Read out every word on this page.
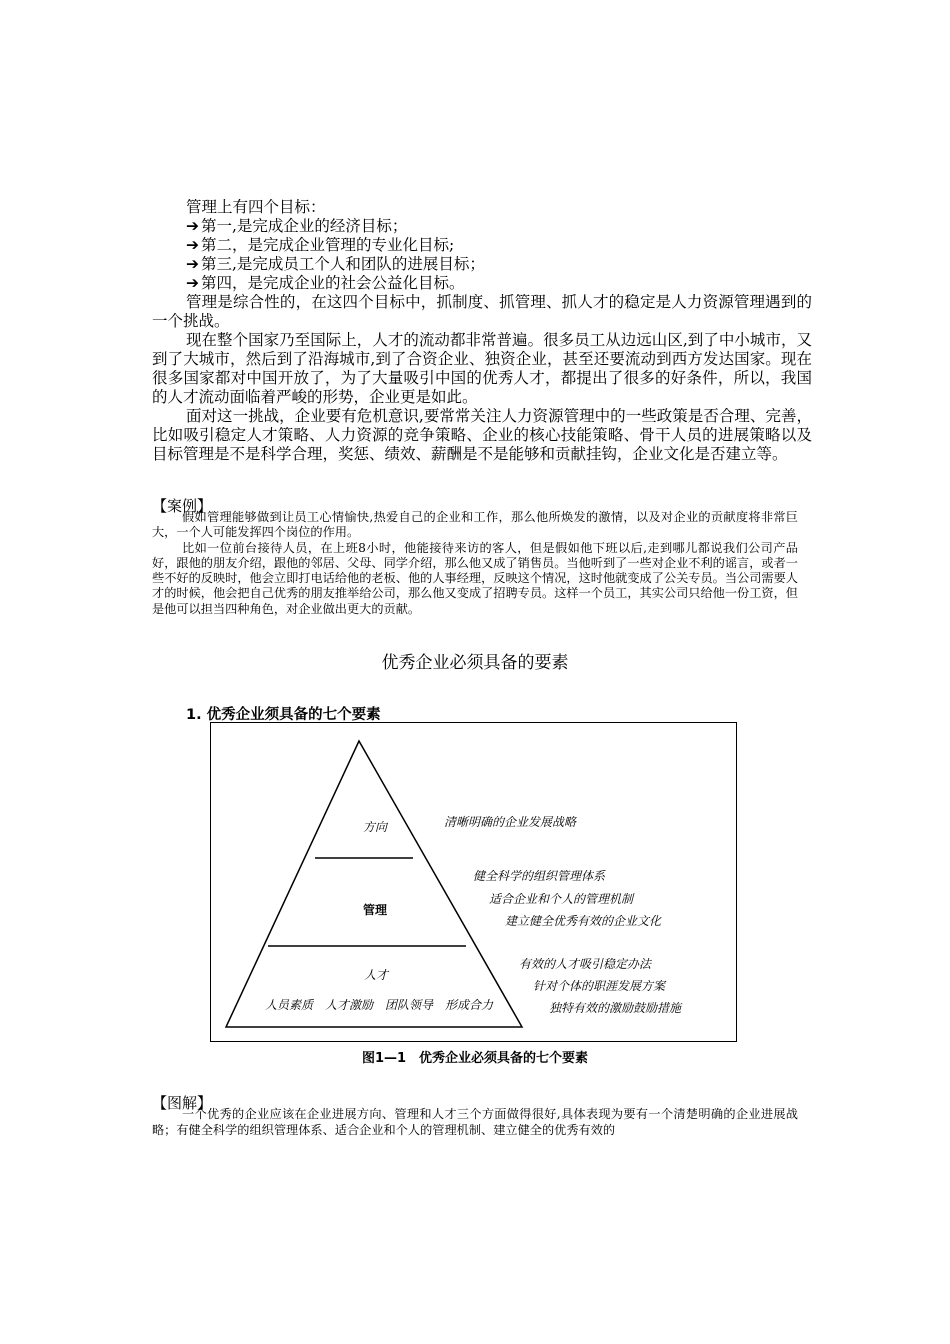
管理上有四个目标：
➔ 第一,是完成企业的经济目标；
➔ 第二，是完成企业管理的专业化目标;
➔ 第三,是完成员工个人和团队的进展目标；
➔ 第四，是完成企业的社会公益化目标。
管理是综合性的，在这四个目标中，抓制度、抓管理、抓人才的稳定是人力资源管理遇到的一个挑战。
现在整个国家乃至国际上，人才的流动都非常普遍。很多员工从边远山区,到了中小城市，又到了大城市，然后到了沿海城市,到了合资企业、独资企业，甚至还要流动到西方发达国家。现在很多国家都对中国开放了，为了大量吸引中国的优秀人才，都提出了很多的好条件，所以，我国的人才流动面临着严峻的形势，企业更是如此。
面对这一挑战，企业要有危机意识,要常常关注人力资源管理中的一些政策是否合理、完善，比如吸引稳定人才策略、人力资源的竞争策略、企业的核心技能策略、骨干人员的进展策略以及目标管理是不是科学合理，奖惩、绩效、薪酬是不是能够和贡献挂钩，企业文化是否建立等。
【案例】

假如管理能够做到让员工心情愉快,热爱自己的企业和工作，那么他所焕发的激情，以及对企业的贡献度将非常巨大，一个人可能发挥四个岗位的作用。

比如一位前台接待人员，在上班8小时，他能接待来访的客人，但是假如他下班以后,走到哪儿都说我们公司产品好，跟他的朋友介绍，跟他的邻居、父母、同学介绍，那么他又成了销售员。当他听到了一些对企业不利的谣言，或者一些不好的反映时，他会立即打电话给他的老板、他的人事经理，反映这个情况，这时他就变成了公关专员。当公司需要人才的时候，他会把自己优秀的朋友推举给公司，那么他又变成了招聘专员。这样一个员工，其实公司只给他一份工资，但是他可以担当四种角色，对企业做出更大的贡献。

优秀企业必须具备的要素
1. 优秀企业须具备的七个要素
方向
管理
人才
人员素质 人才激励 团队领导 形成合力
清晰明确的企业发展战略
健全科学的组织管理体系
适合企业和个人的管理机制
建立健全优秀有效的企业文化
有效的人才吸引稳定办法
针对个体的职涯发展方案
独特有效的激励鼓励措施
图1—1　优秀企业必须具备的七个要素
【图解】

一个优秀的企业应该在企业进展方向、管理和人才三个方面做得很好,具体表现为要有一个清楚明确的企业进展战略；有健全科学的组织管理体系、适合企业和个人的管理机制、建立健全的优秀有效的
